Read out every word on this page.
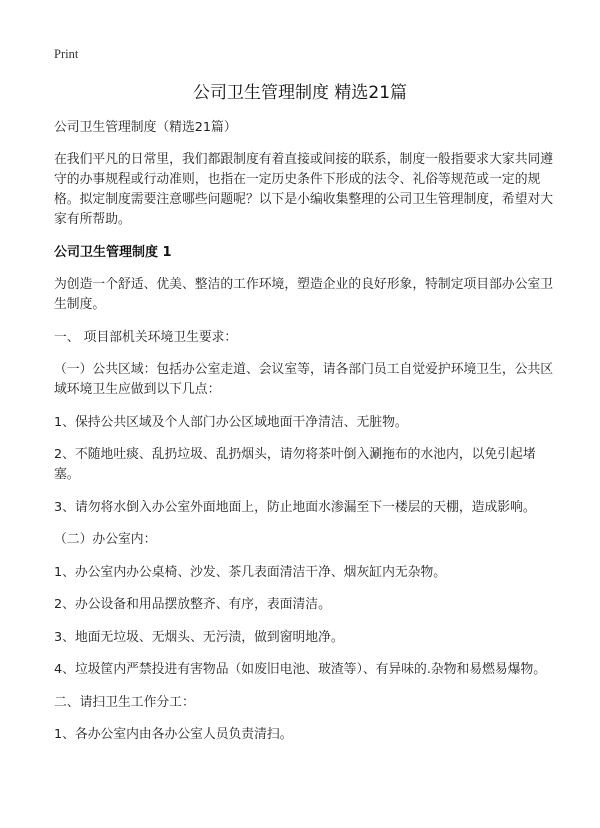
Print
公司卫生管理制度 精选21篇

公司卫生管理制度（精选21篇）

在我们平凡的日常里，我们都跟制度有着直接或间接的联系，制度一般指要求大家共同遵守的办事规程或行动准则，也指在一定历史条件下形成的法令、礼俗等规范或一定的规格。拟定制度需要注意哪些问题呢？以下是小编收集整理的公司卫生管理制度，希望对大家有所帮助。

公司卫生管理制度 1

为创造一个舒适、优美、整洁的工作环境，塑造企业的良好形象，特制定项目部办公室卫生制度。

一、 项目部机关环境卫生要求：

（一）公共区域：包括办公室走道、会议室等，请各部门员工自觉爱护环境卫生，公共区域环境卫生应做到以下几点：

1、保持公共区域及个人部门办公区域地面干净清洁、无脏物。

2、不随地吐痰、乱扔垃圾、乱扔烟头，请勿将茶叶倒入涮拖布的水池内，以免引起堵塞。

3、请勿将水倒入办公室外面地面上，防止地面水渗漏至下一楼层的天棚，造成影响。

（二）办公室内：

1、办公室内办公桌椅、沙发、茶几表面清洁干净、烟灰缸内无杂物。

2、办公设备和用品摆放整齐、有序，表面清洁。

3、地面无垃圾、无烟头、无污渍，做到窗明地净。

4、垃圾筐内严禁投进有害物品（如废旧电池、玻渣等）、有异味的.杂物和易燃易爆物。

二、请扫卫生工作分工：

1、各办公室内由各办公室人员负责清扫。
